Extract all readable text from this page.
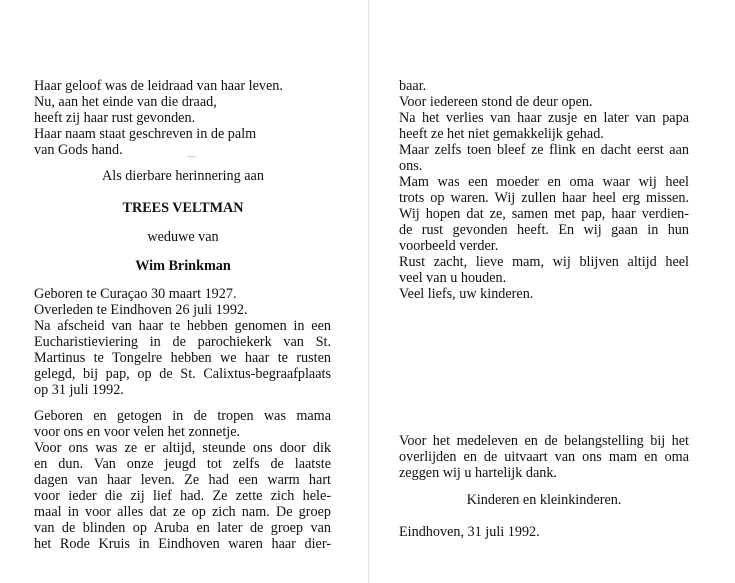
Haar geloof was de leidraad van haar leven.
Nu, aan het einde van die draad,
heeft zij haar rust gevonden.
Haar naam staat geschreven in de palm
van Gods hand.
Als dierbare herinnering aan
TREES VELTMAN
weduwe van
Wim Brinkman
Geboren te Curaçao 30 maart 1927.
Overleden te Eindhoven 26 juli 1992.
Na afscheid van haar te hebben genomen in een
Eucharistieviering in de parochiekerk van St.
Martinus te Tongelre hebben we haar te rusten
gelegd, bij pap, op de St. Calixtus-begraafplaats
op 31 juli 1992.
Geboren en getogen in de tropen was mama
voor ons en voor velen het zonnetje.
Voor ons was ze er altijd, steunde ons door dik
en dun. Van onze jeugd tot zelfs de laatste
dagen van haar leven. Ze had een warm hart
voor ieder die zij lief had. Ze zette zich hele-
maal in voor alles dat ze op zich nam. De groep
van de blinden op Aruba en later de groep van
het Rode Kruis in Eindhoven waren haar dier-
baar.
Voor iedereen stond de deur open.
Na het verlies van haar zusje en later van papa
heeft ze het niet gemakkelijk gehad.
Maar zelfs toen bleef ze flink en dacht eerst aan
ons.
Mam was een moeder en oma waar wij heel
trots op waren. Wij zullen haar heel erg missen.
Wij hopen dat ze, samen met pap, haar verdien-
de rust gevonden heeft. En wij gaan in hun
voorbeeld verder.
Rust zacht, lieve mam, wij blijven altijd heel
veel van u houden.
Veel liefs, uw kinderen.
Voor het medeleven en de belangstelling bij het
overlijden en de uitvaart van ons mam en oma
zeggen wij u hartelijk dank.
Kinderen en kleinkinderen.
Eindhoven, 31 juli 1992.
